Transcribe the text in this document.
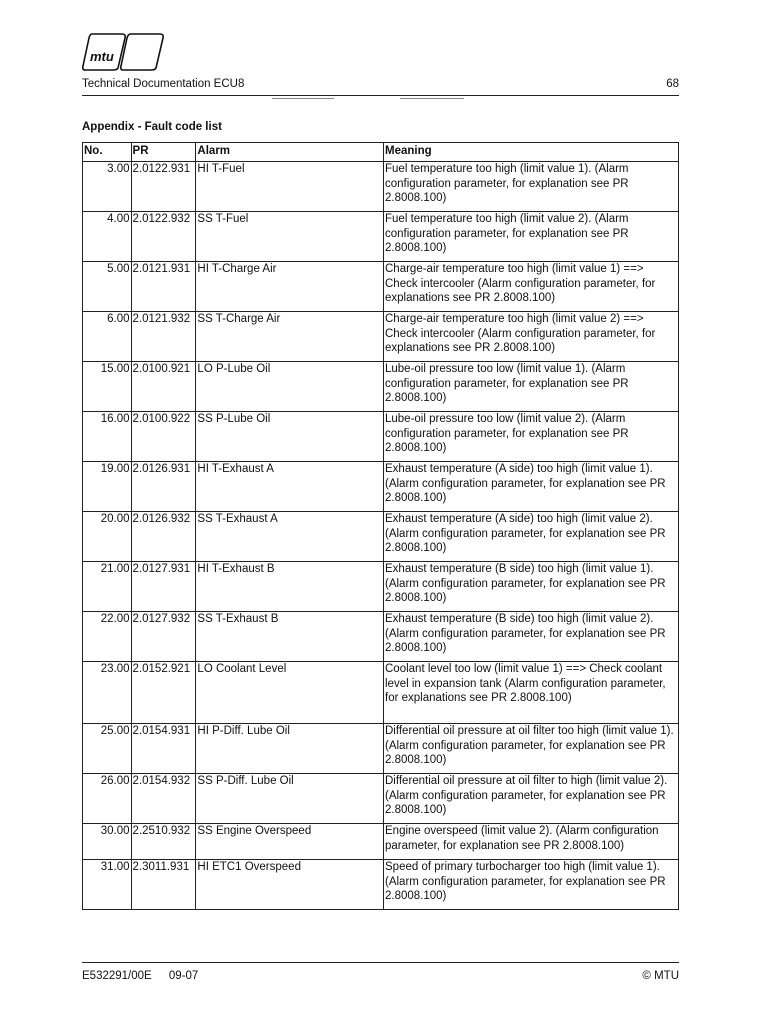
mtu
Technical Documentation ECU8	68
Appendix - Fault code list
No.	PR	Alarm	Meaning
3.00	2.0122.931	HI T-Fuel	Fuel temperature too high (limit value 1). (Alarm configuration parameter, for explanation see PR 2.8008.100)
4.00	2.0122.932	SS T-Fuel	Fuel temperature too high (limit value 2). (Alarm configuration parameter, for explanation see PR 2.8008.100)
5.00	2.0121.931	HI T-Charge Air	Charge-air temperature too high (limit value 1) ==> Check intercooler (Alarm configuration parameter, for explanations see PR 2.8008.100)
6.00	2.0121.932	SS T-Charge Air	Charge-air temperature too high (limit value 2) ==> Check intercooler (Alarm configuration parameter, for explanations see PR 2.8008.100)
15.00	2.0100.921	LO P-Lube Oil	Lube-oil pressure too low (limit value 1). (Alarm configuration parameter, for explanation see PR 2.8008.100)
16.00	2.0100.922	SS P-Lube Oil	Lube-oil pressure too low (limit value 2). (Alarm configuration parameter, for explanation see PR 2.8008.100)
19.00	2.0126.931	HI T-Exhaust A	Exhaust temperature (A side) too high (limit value 1). (Alarm configuration parameter, for explanation see PR 2.8008.100)
20.00	2.0126.932	SS T-Exhaust A	Exhaust temperature (A side) too high (limit value 2). (Alarm configuration parameter, for explanation see PR 2.8008.100)
21.00	2.0127.931	HI T-Exhaust B	Exhaust temperature (B side) too high (limit value 1). (Alarm configuration parameter, for explanation see PR 2.8008.100)
22.00	2.0127.932	SS T-Exhaust B	Exhaust temperature (B side) too high (limit value 2). (Alarm configuration parameter, for explanation see PR 2.8008.100)
23.00	2.0152.921	LO Coolant Level	Coolant level too low (limit value 1) ==> Check coolant level in expansion tank (Alarm configuration parameter, for explanations see PR 2.8008.100)
25.00	2.0154.931	HI P-Diff. Lube Oil	Differential oil pressure at oil filter too high (limit value 1). (Alarm configuration parameter, for explanation see PR 2.8008.100)
26.00	2.0154.932	SS P-Diff. Lube Oil	Differential oil pressure at oil filter to high (limit value 2). (Alarm configuration parameter, for explanation see PR 2.8008.100)
30.00	2.2510.932	SS Engine Overspeed	Engine overspeed (limit value 2). (Alarm configuration parameter, for explanation see PR 2.8008.100)
31.00	2.3011.931	HI ETC1 Overspeed	Speed of primary turbocharger too high (limit value 1). (Alarm configuration parameter, for explanation see PR 2.8008.100)
E532291/00E 09-07	© MTU
